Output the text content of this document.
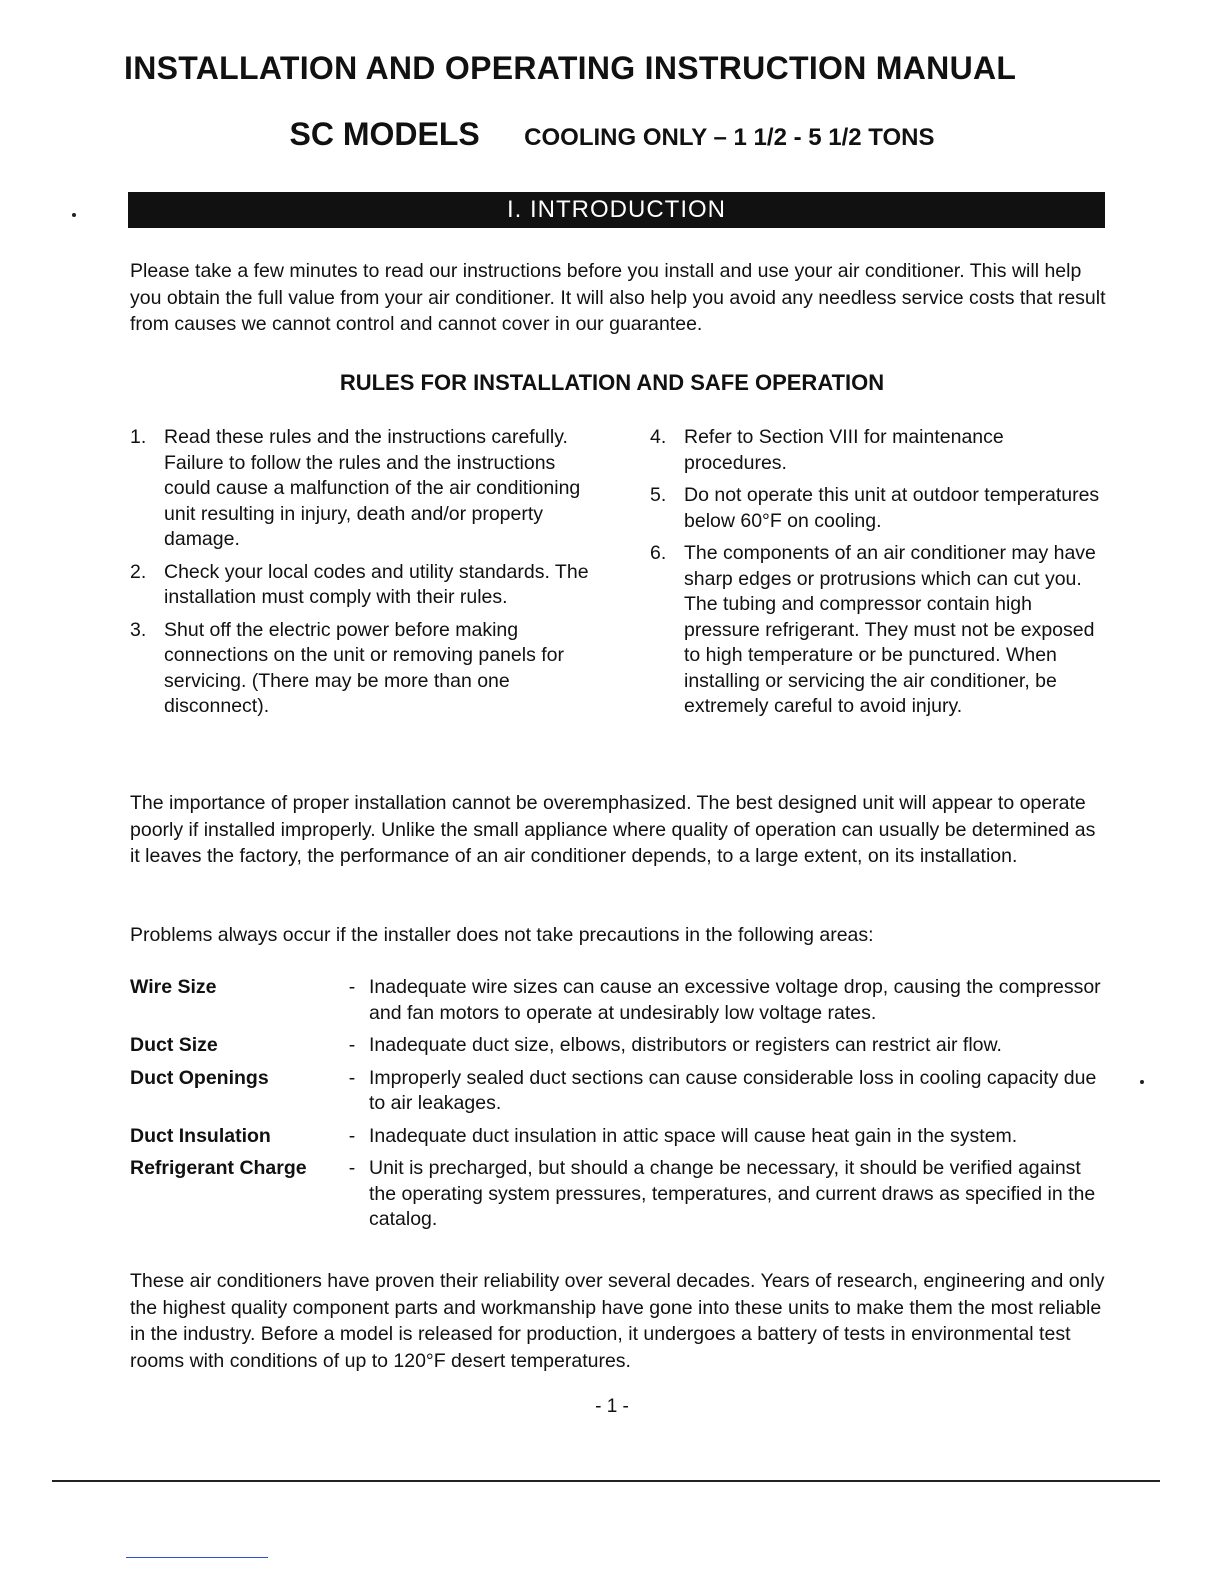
INSTALLATION AND OPERATING INSTRUCTION MANUAL
SC MODELS COOLING ONLY – 1 1/2 - 5 1/2 TONS
I. INTRODUCTION

Please take a few minutes to read our instructions before you install and use your air conditioner. This will help you obtain the full value from your air conditioner. It will also help you avoid any needless service costs that result from causes we cannot control and cannot cover in our guarantee.

RULES FOR INSTALLATION AND SAFE OPERATION
1. Read these rules and the instructions carefully. Failure to follow the rules and the instructions could cause a malfunction of the air conditioning unit resulting in injury, death and/or property damage.
2. Check your local codes and utility standards. The installation must comply with their rules.
3. Shut off the electric power before making connections on the unit or removing panels for servicing. (There may be more than one disconnect).
4. Refer to Section VIII for maintenance procedures.
5. Do not operate this unit at outdoor temperatures below 60°F on cooling.
6. The components of an air conditioner may have sharp edges or protrusions which can cut you. The tubing and compressor contain high pressure refrigerant. They must not be exposed to high temperature or be punctured. When installing or servicing the air conditioner, be extremely careful to avoid injury.

The importance of proper installation cannot be overemphasized. The best designed unit will appear to operate poorly if installed improperly. Unlike the small appliance where quality of operation can usually be determined as it leaves the factory, the performance of an air conditioner depends, to a large extent, on its installation.

Problems always occur if the installer does not take precautions in the following areas:

Wire Size	- Inadequate wire sizes can cause an excessive voltage drop, causing the compressor and fan motors to operate at undesirably low voltage rates.
Duct Size	- Inadequate duct size, elbows, distributors or registers can restrict air flow.
Duct Openings	- Improperly sealed duct sections can cause considerable loss in cooling capacity due to air leakages.
Duct Insulation	- Inadequate duct insulation in attic space will cause heat gain in the system.
Refrigerant Charge	- Unit is precharged, but should a change be necessary, it should be verified against the operating system pressures, temperatures, and current draws as specified in the catalog.

These air conditioners have proven their reliability over several decades. Years of research, engineering and only the highest quality component parts and workmanship have gone into these units to make them the most reliable in the industry. Before a model is released for production, it undergoes a battery of tests in environmental test rooms with conditions of up to 120°F desert temperatures.

- 1 -
